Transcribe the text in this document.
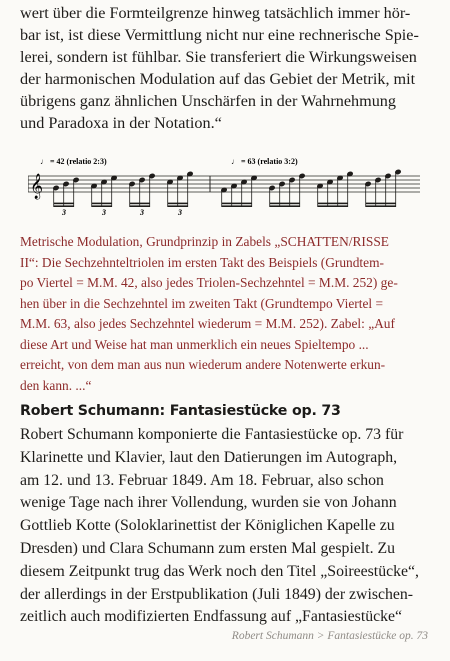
wert über die Formteilgrenze hinweg tatsächlich immer hör-
bar ist, ist diese Vermittlung nicht nur eine rechnerische Spie-
lerei, sondern ist fühlbar. Sie transferiert die Wirkungsweisen
der harmonischen Modulation auf das Gebiet der Metrik, mit
übrigens ganz ähnlichen Unschärfen in der Wahrnehmung
und Paradoxa in der Notation.“
♩ = 42 (relatio 2:3)	♩ = 63 (relatio 3:2)
𝄞
3	3	3	3
Metrische Modulation, Grundprinzip in Zabels „SCHATTEN/RISSE
II“: Die Sechzehnteltriolen im ersten Takt des Beispiels (Grundtem-
po Viertel = M.M. 42, also jedes Triolen-Sechzehntel = M.M. 252) ge-
hen über in die Sechzehntel im zweiten Takt (Grundtempo Viertel =
M.M. 63, also jedes Sechzehntel wiederum = M.M. 252). Zabel: „Auf
diese Art und Weise hat man unmerklich ein neues Spieltempo ...
erreicht, von dem man aus nun wiederum andere Notenwerte erkun-
den kann. ...“
Robert Schumann: Fantasiestücke op. 73
Robert Schumann komponierte die Fantasiestücke op. 73 für
Klarinette und Klavier, laut den Datierungen im Autograph,
am 12. und 13. Februar 1849. Am 18. Februar, also schon
wenige Tage nach ihrer Vollendung, wurden sie von Johann
Gottlieb Kotte (Soloklarinettist der Königlichen Kapelle zu
Dresden) und Clara Schumann zum ersten Mal gespielt. Zu
diesem Zeitpunkt trug das Werk noch den Titel „Soireestücke“,
der allerdings in der Erstpublikation (Juli 1849) der zwischen-
zeitlich auch modifizierten Endfassung auf „Fantasiestücke“
Robert Schumann > Fantasiestücke op. 73
